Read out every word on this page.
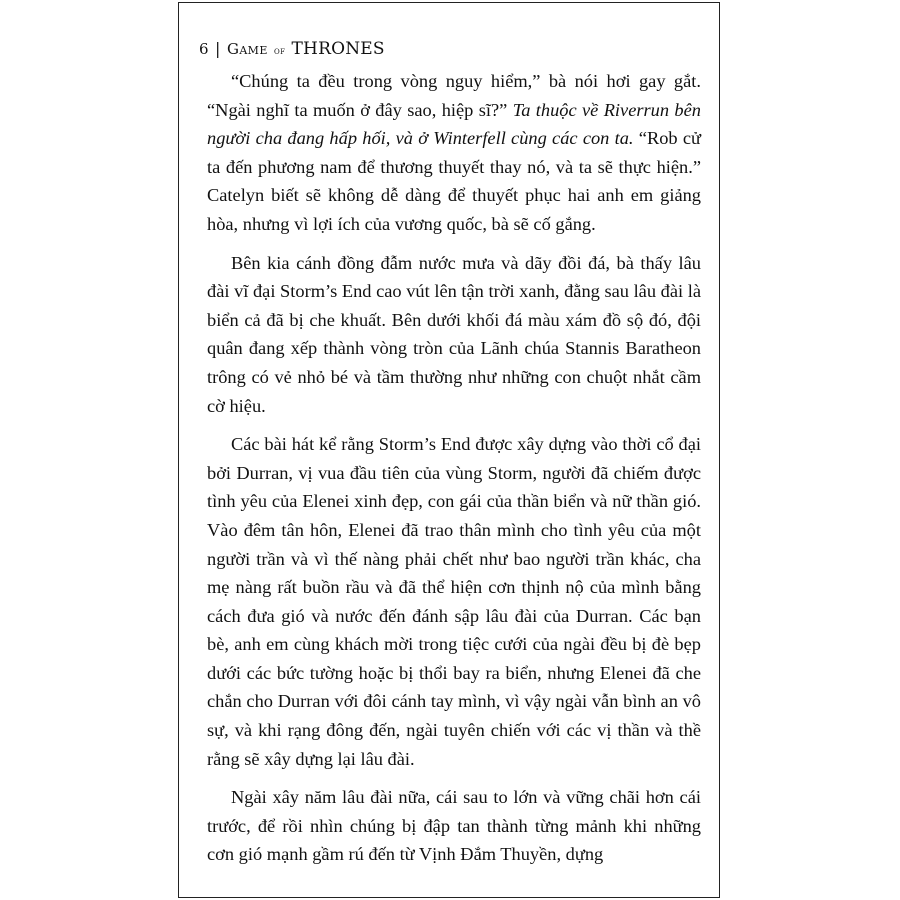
6 | Game of THRONES

“Chúng ta đều trong vòng nguy hiểm,” bà nói hơi gay gắt. “Ngài nghĩ ta muốn ở đây sao, hiệp sĩ?” Ta thuộc về Riverrun bên người cha đang hấp hối, và ở Winterfell cùng các con ta. “Rob cử ta đến phương nam để thương thuyết thay nó, và ta sẽ thực hiện.” Catelyn biết sẽ không dễ dàng để thuyết phục hai anh em giảng hòa, nhưng vì lợi ích của vương quốc, bà sẽ cố gắng.

Bên kia cánh đồng đẫm nước mưa và dãy đồi đá, bà thấy lâu đài vĩ đại Storm’s End cao vút lên tận trời xanh, đằng sau lâu đài là biển cả đã bị che khuất. Bên dưới khối đá màu xám đồ sộ đó, đội quân đang xếp thành vòng tròn của Lãnh chúa Stannis Baratheon trông có vẻ nhỏ bé và tầm thường như những con chuột nhắt cầm cờ hiệu.

Các bài hát kể rằng Storm’s End được xây dựng vào thời cổ đại bởi Durran, vị vua đầu tiên của vùng Storm, người đã chiếm được tình yêu của Elenei xinh đẹp, con gái của thần biển và nữ thần gió. Vào đêm tân hôn, Elenei đã trao thân mình cho tình yêu của một người trần và vì thế nàng phải chết như bao người trần khác, cha mẹ nàng rất buồn rầu và đã thể hiện cơn thịnh nộ của mình bằng cách đưa gió và nước đến đánh sập lâu đài của Durran. Các bạn bè, anh em cùng khách mời trong tiệc cưới của ngài đều bị đè bẹp dưới các bức tường hoặc bị thổi bay ra biển, nhưng Elenei đã che chắn cho Durran với đôi cánh tay mình, vì vậy ngài vẫn bình an vô sự, và khi rạng đông đến, ngài tuyên chiến với các vị thần và thề rằng sẽ xây dựng lại lâu đài.

Ngài xây năm lâu đài nữa, cái sau to lớn và vững chãi hơn cái trước, để rồi nhìn chúng bị đập tan thành từng mảnh khi những cơn gió mạnh gầm rú đến từ Vịnh Đắm Thuyền, dựng
